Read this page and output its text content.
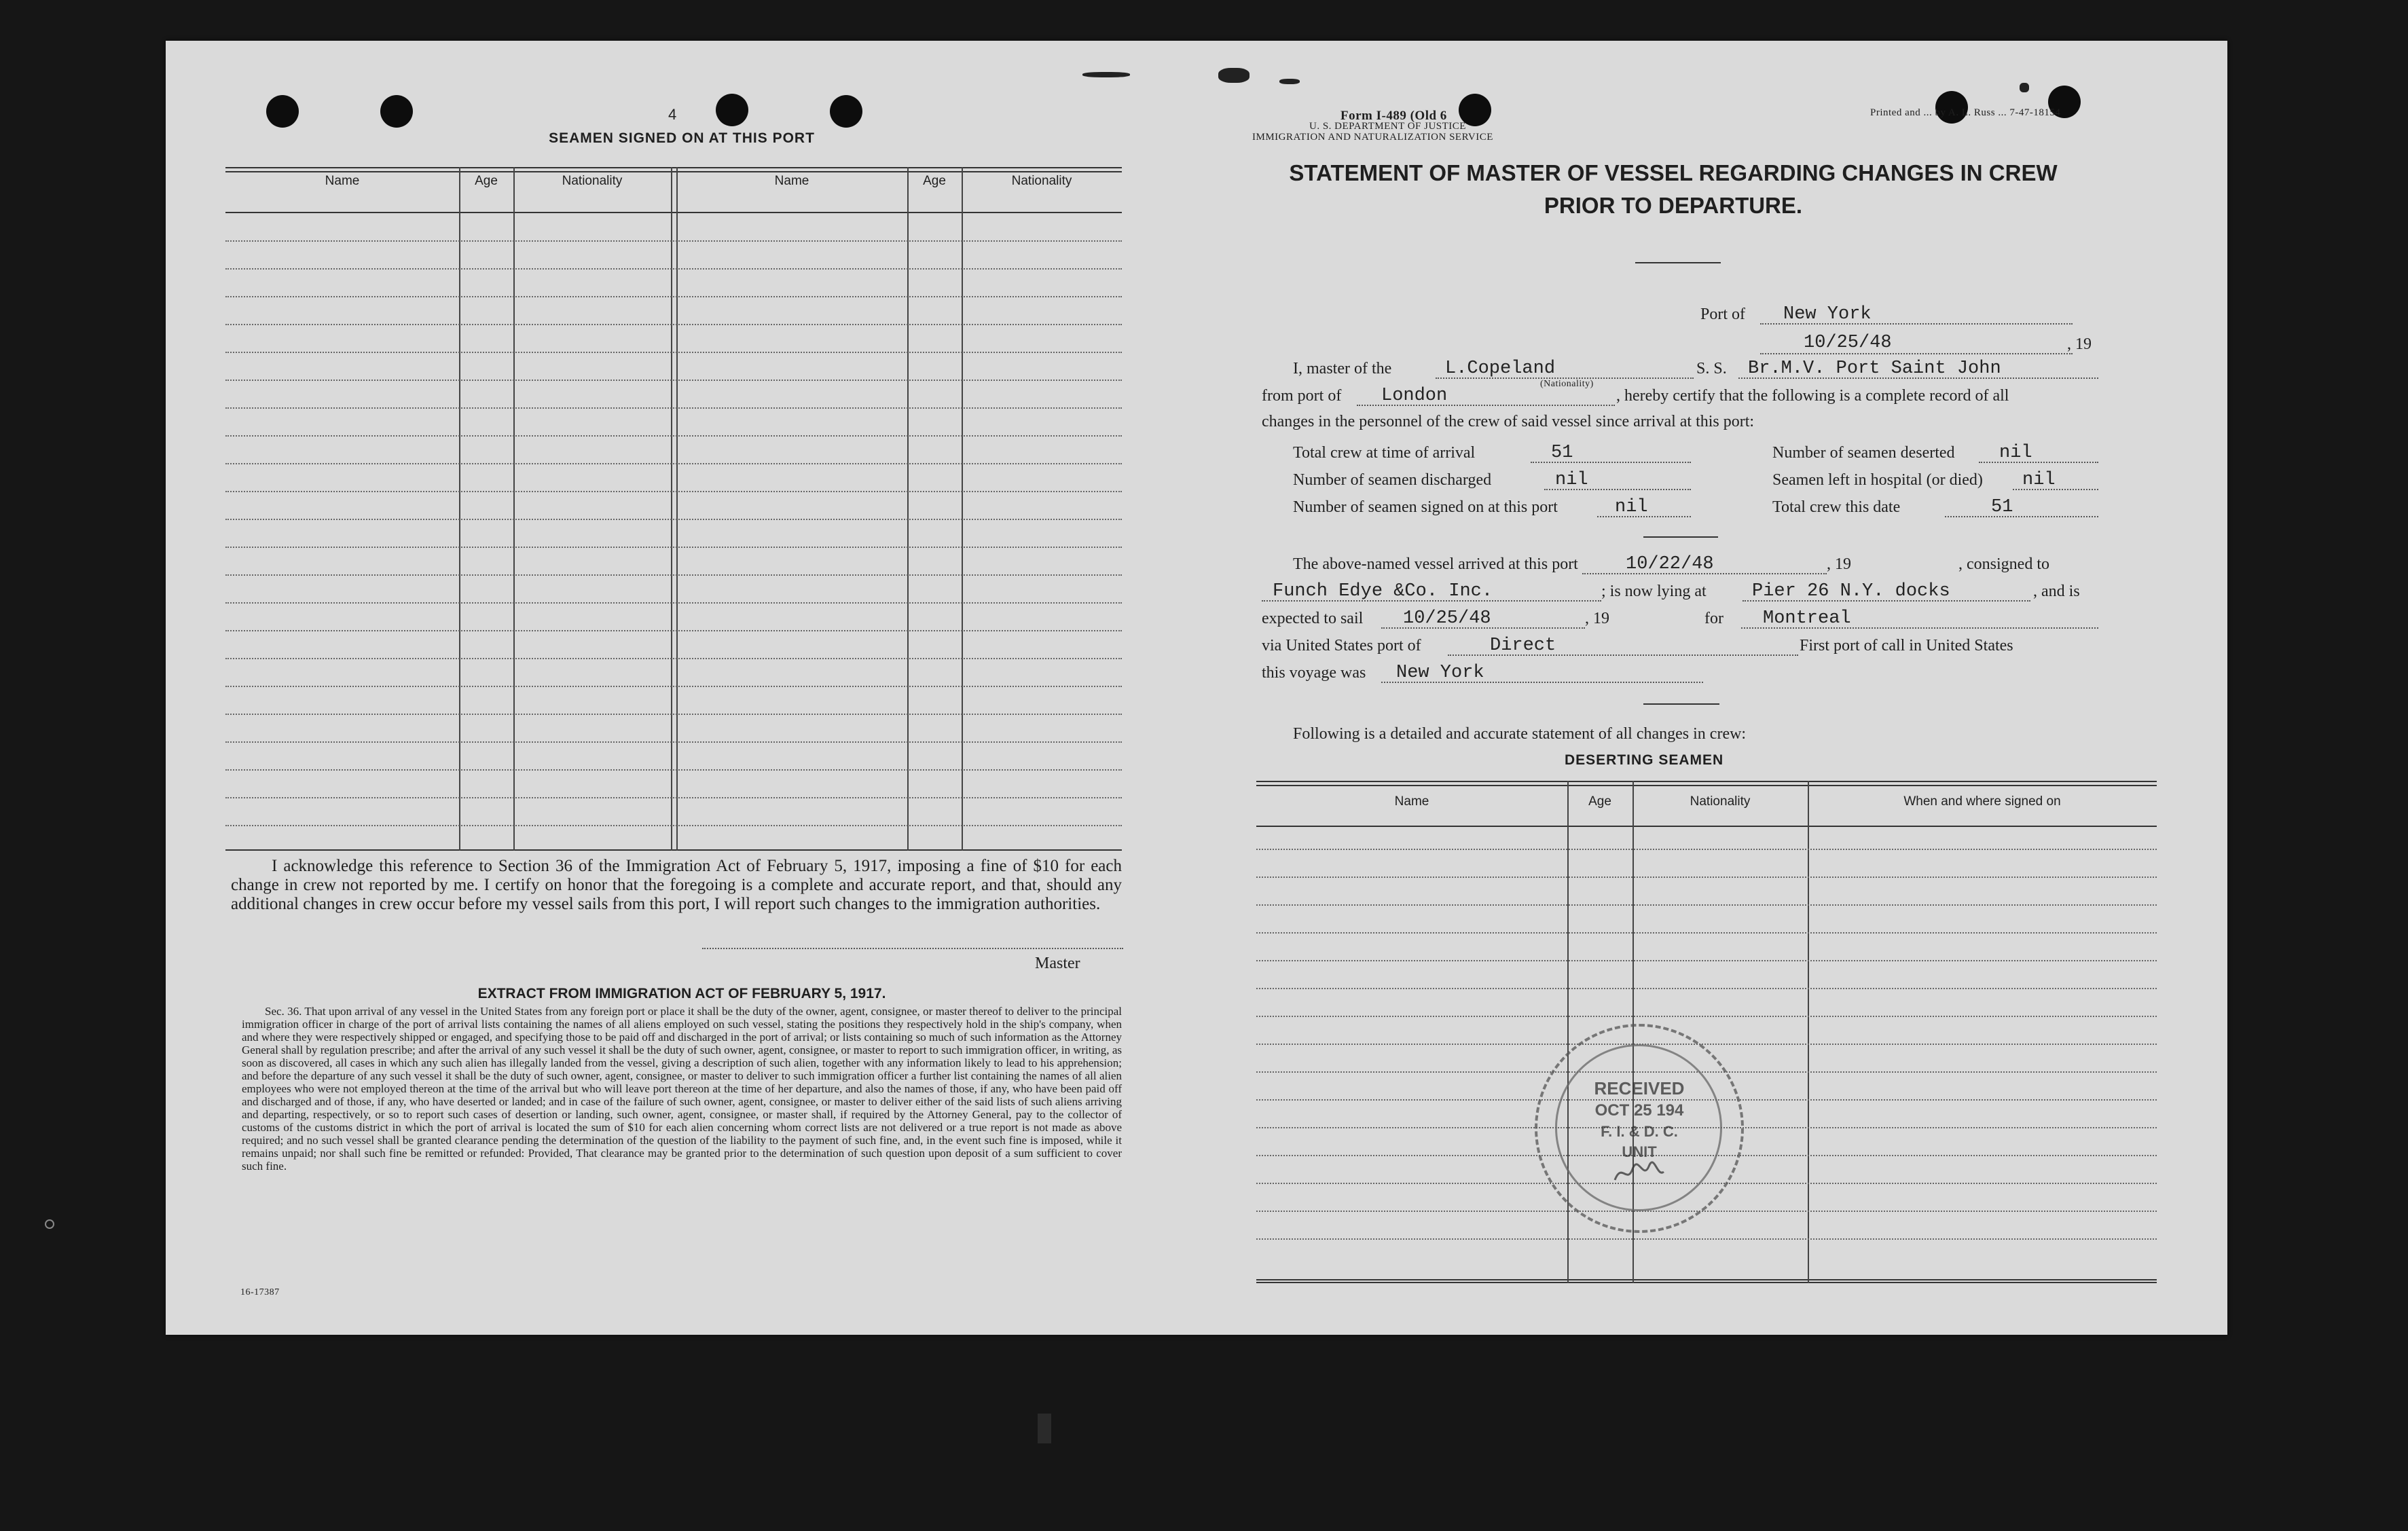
4
SEAMEN SIGNED ON AT THIS PORT
Name	Age	Nationality	Name	Age	Nationality
I acknowledge this reference to Section 36 of the Immigration Act of February 5, 1917, imposing a fine of $10 for each change in crew not reported by me. I certify on honor that the foregoing is a complete and accurate report, and that, should any additional changes in crew occur before my vessel sails from this port, I will report such changes to the immigration authorities.
Master
EXTRACT FROM IMMIGRATION ACT OF FEBRUARY 5, 1917.
Sec. 36. That upon arrival of any vessel in the United States from any foreign port or place it shall be the duty of the owner, agent, consignee, or master thereof to deliver to the principal immigration officer in charge of the port of arrival lists containing the names of all aliens employed on such vessel, stating the positions they respectively hold in the ship's company, when and where they were respectively shipped or engaged, and specifying those to be paid off and discharged in the port of arrival; or lists containing so much of such information as the Attorney General shall by regulation prescribe; and after the arrival of any such vessel it shall be the duty of such owner, agent, consignee, or master to report to such immigration officer, in writing, as soon as discovered, all cases in which any such alien has illegally landed from the vessel, giving a description of such alien, together with any information likely to lead to his apprehension; and before the departure of any such vessel it shall be the duty of such owner, agent, consignee, or master to deliver to such immigration officer a further list containing the names of all alien employees who were not employed thereon at the time of the arrival but who will leave port thereon at the time of her departure, and also the names of those, if any, who have been paid off and discharged and of those, if any, who have deserted or landed; and in case of the failure of such owner, agent, consignee, or master to deliver either of the said lists of such aliens arriving and departing, respectively, or so to report such cases of desertion or landing, such owner, agent, consignee, or master shall, if required by the Attorney General, pay to the collector of customs of the customs district in which the port of arrival is located the sum of $10 for each alien concerning whom correct lists are not delivered or a true report is not made as above required; and no such vessel shall be granted clearance pending the determination of the question of the liability to the payment of such fine, and, in the event such fine is imposed, while it remains unpaid; nor shall such fine be remitted or refunded: Provided, That clearance may be granted prior to the determination of such question upon deposit of a sum sufficient to cover such fine.
16-17387
Form I-489 (Old 6
U. S. DEPARTMENT OF JUSTICE
IMMIGRATION AND NATURALIZATION SERVICE
Printed and ... by A. L. Russ ... 7-47-18154
STATEMENT OF MASTER OF VESSEL REGARDING CHANGES IN CREW
PRIOR TO DEPARTURE.
Port of New York
10/25/48	, 19
I, master of the	L.Copeland
(Nationality)
S. S. Br.M.V. Port Saint John
from port of London	, hereby certify that the following is a complete record of all
changes in the personnel of the crew of said vessel since arrival at this port:
Total crew at time of arrival	51	Number of seamen deserted nil
Number of seamen discharged	nil	Seamen left in hospital (or died) nil
Number of seamen signed on at this port	nil	Total crew this date	51
The above-named vessel arrived at this port	10/22/48	, 19	, consigned to
Funch Edye &Co. Inc.	; is now lying at Pier 26 N.Y. docks	, and is
expected to sail 10/25/48	, 19	for Montreal
via United States port of	Direct	First port of call in United States
this voyage was New York
Following is a detailed and accurate statement of all changes in crew:
DESERTING SEAMEN
Name	Age	Nationality	When and where signed on
RECEIVED
OCT 25 194
F. I. & D. C.
UNIT
